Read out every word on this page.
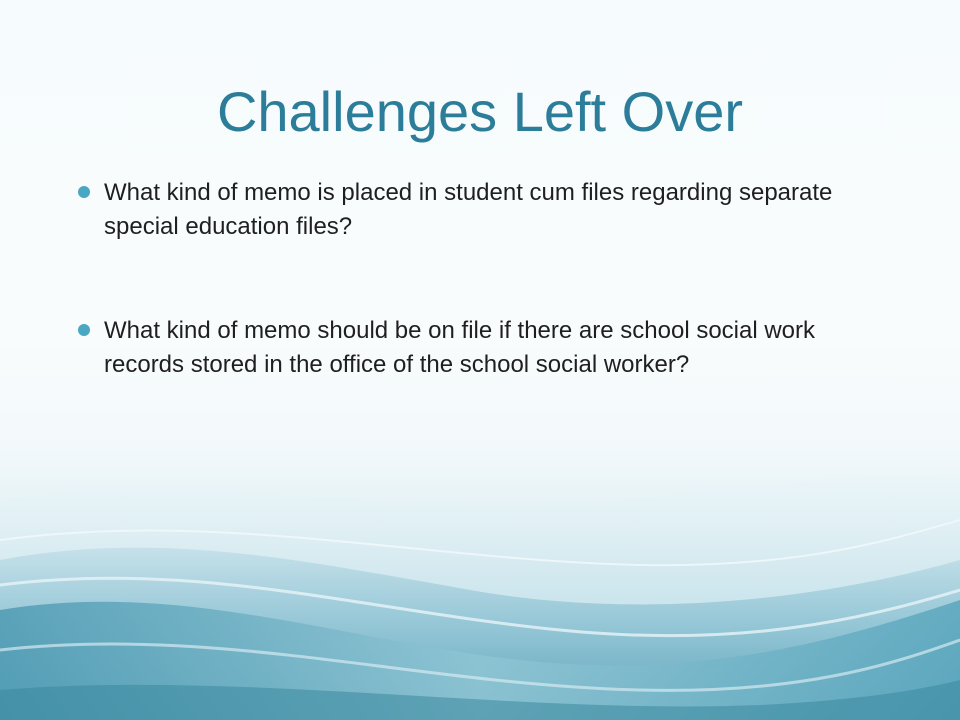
Challenges Left Over
What kind of memo is placed in student cum files regarding separate special education files?
What kind of memo should be on file if there are school social work records stored in the office of the school social worker?
